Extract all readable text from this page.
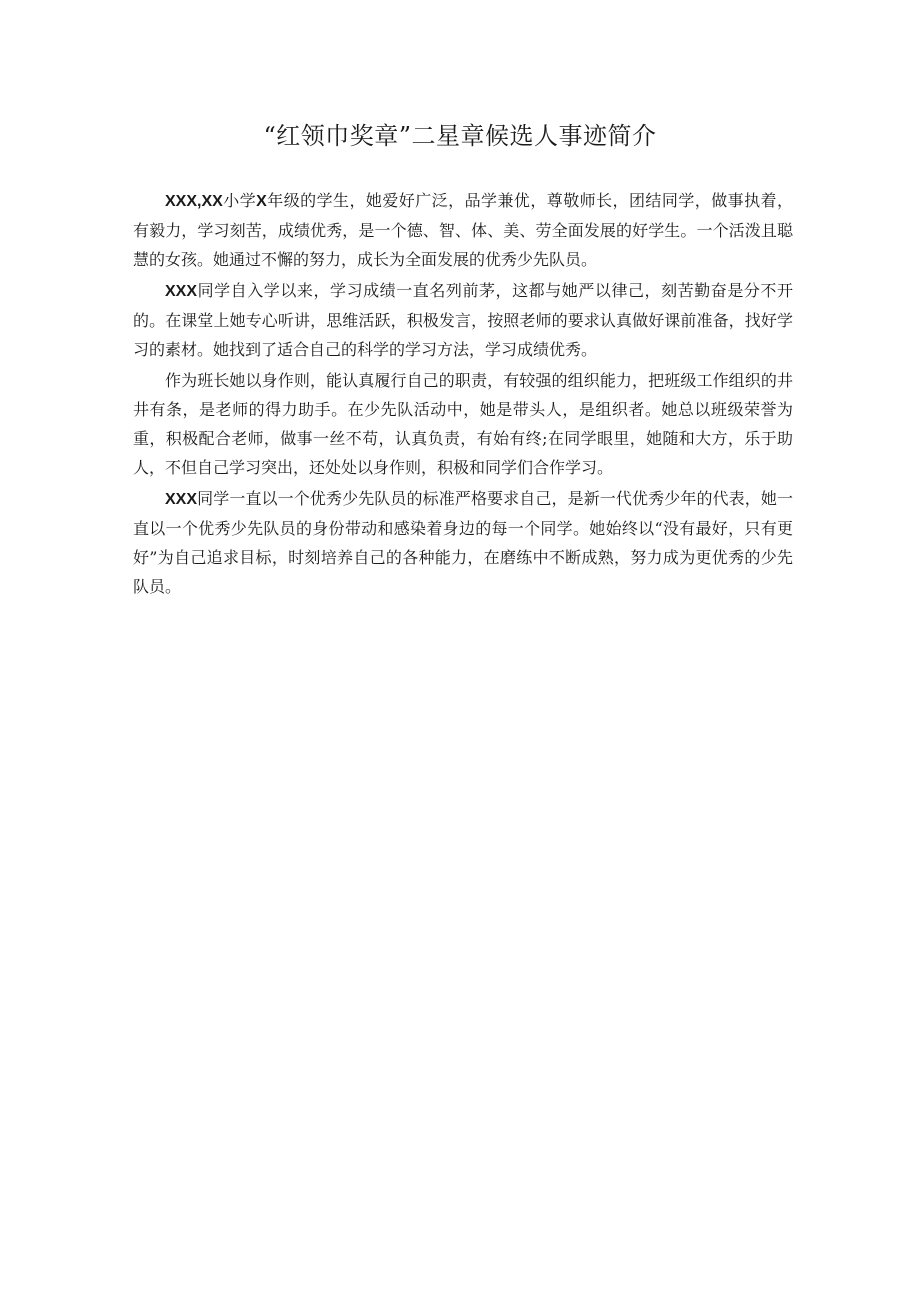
“红领巾奖章”二星章候选人事迹简介

XXX,XX小学X年级的学生，她爱好广泛，品学兼优，尊敬师长，团结同学，做事执着，有毅力，学习刻苦，成绩优秀，是一个德、智、体、美、劳全面发展的好学生。一个活泼且聪慧的女孩。她通过不懈的努力，成长为全面发展的优秀少先队员。

XXX同学自入学以来，学习成绩一直名列前茅，这都与她严以律己，刻苦勤奋是分不开的。在课堂上她专心听讲，思维活跃，积极发言，按照老师的要求认真做好课前准备，找好学习的素材。她找到了适合自己的科学的学习方法，学习成绩优秀。

作为班长她以身作则，能认真履行自己的职责，有较强的组织能力，把班级工作组织的井井有条，是老师的得力助手。在少先队活动中，她是带头人，是组织者。她总以班级荣誉为重，积极配合老师，做事一丝不苟，认真负责，有始有终;在同学眼里，她随和大方，乐于助人，不但自己学习突出，还处处以身作则，积极和同学们合作学习。

XXX同学一直以一个优秀少先队员的标准严格要求自己，是新一代优秀少年的代表，她一直以一个优秀少先队员的身份带动和感染着身边的每一个同学。她始终以“没有最好，只有更好”为自己追求目标，时刻培养自己的各种能力，在磨练中不断成熟，努力成为更优秀的少先队员。
